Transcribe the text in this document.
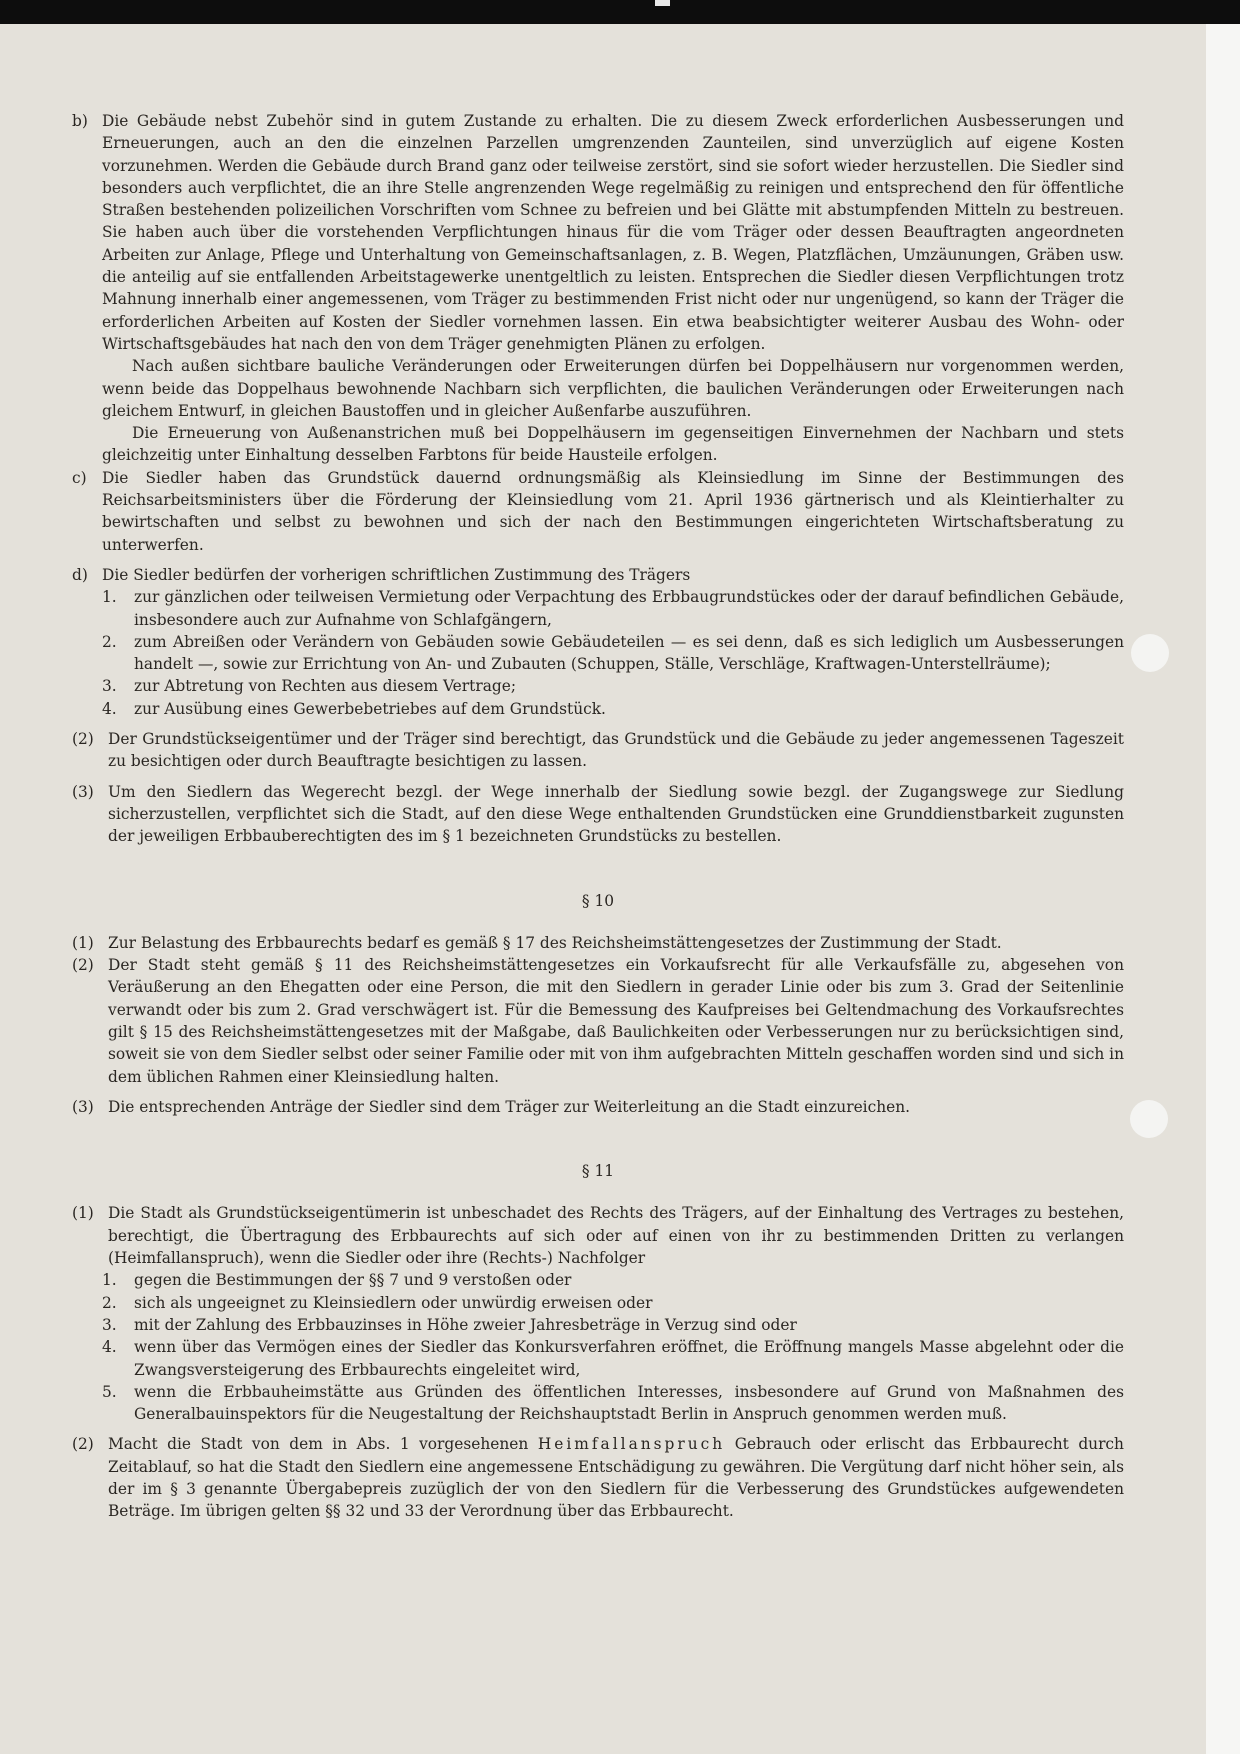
b) Die Gebäude nebst Zubehör sind in gutem Zustande zu erhalten. Die zu diesem Zweck erforderlichen Ausbesserungen und Erneuerungen, auch an den die einzelnen Parzellen umgrenzenden Zaunteilen, sind unverzüglich auf eigene Kosten vorzunehmen. Werden die Gebäude durch Brand ganz oder teilweise zerstört, sind sie sofort wieder herzustellen. Die Siedler sind besonders auch verpflichtet, die an ihre Stelle angrenzenden Wege regelmäßig zu reinigen und entsprechend den für öffentliche Straßen bestehenden polizeilichen Vorschriften vom Schnee zu befreien und bei Glätte mit abstumpfenden Mitteln zu bestreuen. Sie haben auch über die vorstehenden Verpflichtungen hinaus für die vom Träger oder dessen Beauftragten angeordneten Arbeiten zur Anlage, Pflege und Unterhaltung von Gemeinschaftsanlagen, z. B. Wegen, Platzflächen, Umzäunungen, Gräben usw. die anteilig auf sie entfallenden Arbeitstagewerke unentgeltlich zu leisten. Entsprechen die Siedler diesen Verpflichtungen trotz Mahnung innerhalb einer angemessenen, vom Träger zu bestimmenden Frist nicht oder nur ungenügend, so kann der Träger die erforderlichen Arbeiten auf Kosten der Siedler vornehmen lassen. Ein etwa beabsichtigter weiterer Ausbau des Wohn- oder Wirtschaftsgebäudes hat nach den von dem Träger genehmigten Plänen zu erfolgen.
Nach außen sichtbare bauliche Veränderungen oder Erweiterungen dürfen bei Doppelhäusern nur vorgenommen werden, wenn beide das Doppelhaus bewohnende Nachbarn sich verpflichten, die baulichen Veränderungen oder Erweiterungen nach gleichem Entwurf, in gleichen Baustoffen und in gleicher Außenfarbe auszuführen.
Die Erneuerung von Außenanstrichen muß bei Doppelhäusern im gegenseitigen Einvernehmen der Nachbarn und stets gleichzeitig unter Einhaltung desselben Farbtons für beide Hausteile erfolgen.
c) Die Siedler haben das Grundstück dauernd ordnungsmäßig als Kleinsiedlung im Sinne der Bestimmungen des Reichsarbeitsministers über die Förderung der Kleinsiedlung vom 21. April 1936 gärtnerisch und als Kleintierhalter zu bewirtschaften und selbst zu bewohnen und sich der nach den Bestimmungen eingerichteten Wirtschaftsberatung zu unterwerfen.
d) Die Siedler bedürfen der vorherigen schriftlichen Zustimmung des Trägers
1.	zur gänzlichen oder teilweisen Vermietung oder Verpachtung des Erbbaugrundstückes oder der darauf befindlichen Gebäude, insbesondere auch zur Aufnahme von Schlafgängern,
2.	zum Abreißen oder Verändern von Gebäuden sowie Gebäudeteilen — es sei denn, daß es sich lediglich um Ausbesserungen handelt —, sowie zur Errichtung von An- und Zubauten (Schuppen, Ställe, Verschläge, Kraftwagen-Unterstellräume);
3.	zur Abtretung von Rechten aus diesem Vertrage;
4.	zur Ausübung eines Gewerbebetriebes auf dem Grundstück.
(2) Der Grundstückseigentümer und der Träger sind berechtigt, das Grundstück und die Gebäude zu jeder angemessenen Tageszeit zu besichtigen oder durch Beauftragte besichtigen zu lassen.
(3) Um den Siedlern das Wegerecht bezgl. der Wege innerhalb der Siedlung sowie bezgl. der Zugangswege zur Siedlung sicherzustellen, verpflichtet sich die Stadt, auf den diese Wege enthaltenden Grundstücken eine Grunddienstbarkeit zugunsten der jeweiligen Erbbauberechtigten des im § 1 bezeichneten Grundstücks zu bestellen.
§ 10
(1) Zur Belastung des Erbbaurechts bedarf es gemäß § 17 des Reichsheimstättengesetzes der Zustimmung der Stadt.
(2) Der Stadt steht gemäß § 11 des Reichsheimstättengesetzes ein Vorkaufsrecht für alle Verkaufsfälle zu, abgesehen von Veräußerung an den Ehegatten oder eine Person, die mit den Siedlern in gerader Linie oder bis zum 3. Grad der Seitenlinie verwandt oder bis zum 2. Grad verschwägert ist. Für die Bemessung des Kaufpreises bei Geltendmachung des Vorkaufsrechtes gilt § 15 des Reichsheimstättengesetzes mit der Maßgabe, daß Baulichkeiten oder Verbesserungen nur zu berücksichtigen sind, soweit sie von dem Siedler selbst oder seiner Familie oder mit von ihm aufgebrachten Mitteln geschaffen worden sind und sich in dem üblichen Rahmen einer Kleinsiedlung halten.
(3) Die entsprechenden Anträge der Siedler sind dem Träger zur Weiterleitung an die Stadt einzureichen.
§ 11
(1) Die Stadt als Grundstückseigentümerin ist unbeschadet des Rechts des Trägers, auf der Einhaltung des Vertrages zu bestehen, berechtigt, die Übertragung des Erbbaurechts auf sich oder auf einen von ihr zu bestimmenden Dritten zu verlangen (Heimfallanspruch), wenn die Siedler oder ihre (Rechts-) Nachfolger
1.	gegen die Bestimmungen der §§ 7 und 9 verstoßen oder
2.	sich als ungeeignet zu Kleinsiedlern oder unwürdig erweisen oder
3.	mit der Zahlung des Erbbauzinses in Höhe zweier Jahresbeträge in Verzug sind oder
4.	wenn über das Vermögen eines der Siedler das Konkursverfahren eröffnet, die Eröffnung mangels Masse abgelehnt oder die Zwangsversteigerung des Erbbaurechts eingeleitet wird,
5.	wenn die Erbbauheimstätte aus Gründen des öffentlichen Interesses, insbesondere auf Grund von Maßnahmen des Generalbauinspektors für die Neugestaltung der Reichshauptstadt Berlin in Anspruch genommen werden muß.
(2) Macht die Stadt von dem in Abs. 1 vorgesehenen Heimfallanspruch Gebrauch oder erlischt das Erbbaurecht durch Zeitablauf, so hat die Stadt den Siedlern eine angemessene Entschädigung zu gewähren. Die Vergütung darf nicht höher sein, als der im § 3 genannte Übergabepreis zuzüglich der von den Siedlern für die Verbesserung des Grundstückes aufgewendeten Beträge. Im übrigen gelten §§ 32 und 33 der Verordnung über das Erbbaurecht.
